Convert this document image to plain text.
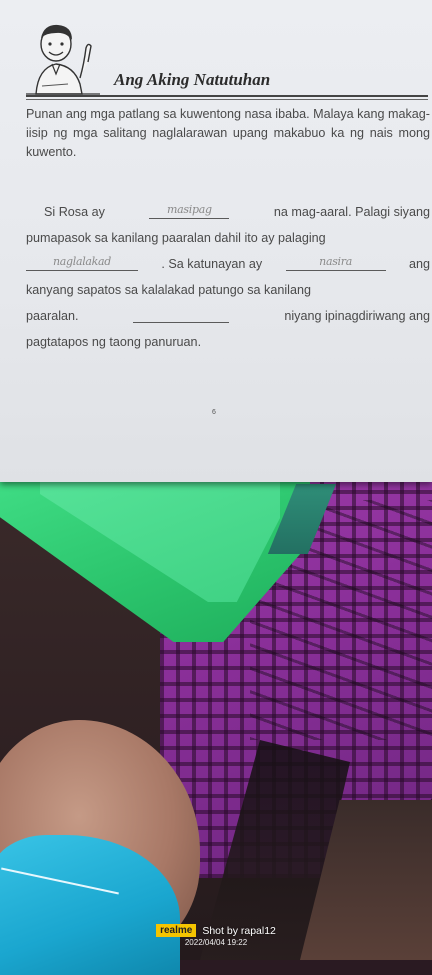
Ang Aking Natutuhan

Punan ang mga patlang sa kuwentong nasa ibaba. Malaya kang makag-iisip ng mga salitang naglalarawan upang makabuo ka ng nais mong kuwento.

Si Rosa ay	masipag	na mag-aaral. Palagi siyang
pumapasok sa kanilang paaralan dahil ito ay palaging
naglalakad	. Sa katunayan ay	nasira	ang
kanyang sapatos sa kalalakad patungo sa kanilang
paaralan.	niyang ipinagdiriwang ang
pagtatapos ng taong panuruan.
6
realme Shot by rapal12
2022/04/04 19:22
